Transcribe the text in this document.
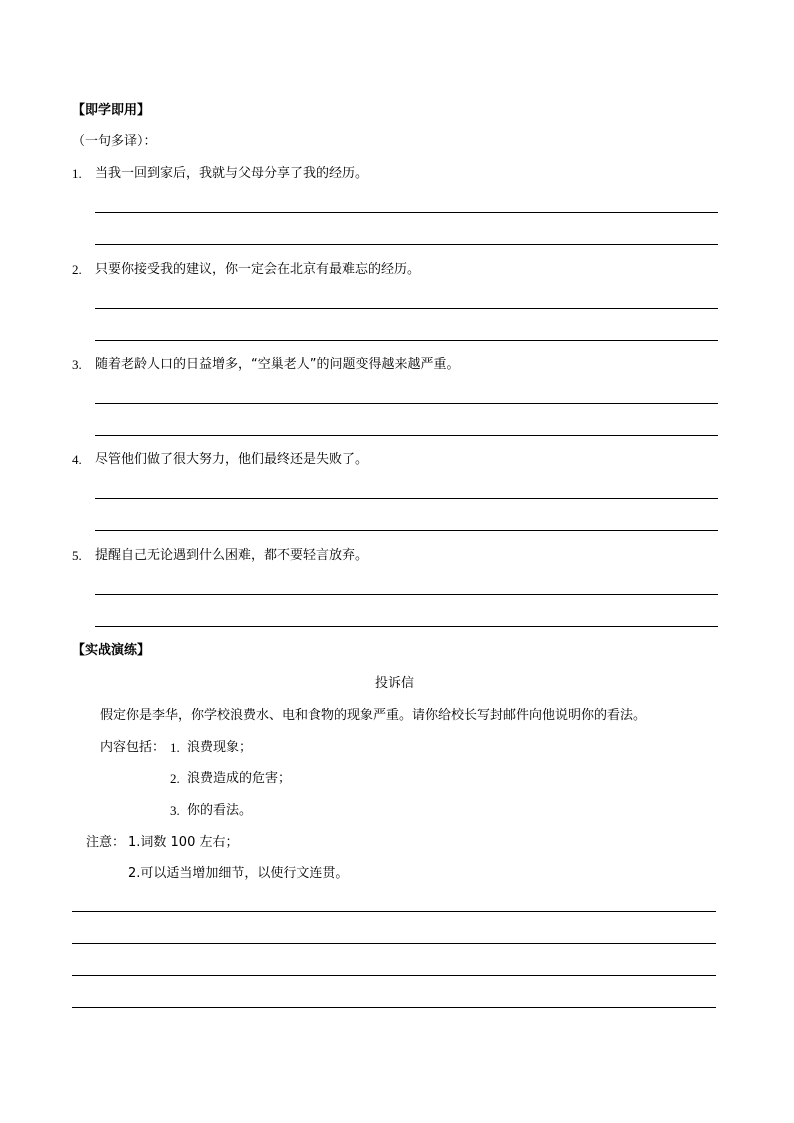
【即学即用】
（一句多译）：
1. 当我一回到家后，我就与父母分享了我的经历。
2. 只要你接受我的建议，你一定会在北京有最难忘的经历。
3. 随着老龄人口的日益增多，“空巢老人”的问题变得越来越严重。
4. 尽管他们做了很大努力，他们最终还是失败了。
5. 提醒自己无论遇到什么困难，都不要轻言放弃。
【实战演练】
投诉信
假定你是李华，你学校浪费水、电和食物的现象严重。请你给校长写封邮件向他说明你的看法。
内容包括： 1. 浪费现象；
2. 浪费造成的危害；
3. 你的看法。
注意： 1.词数 100 左右；
2.可以适当增加细节，以使行文连贯。
